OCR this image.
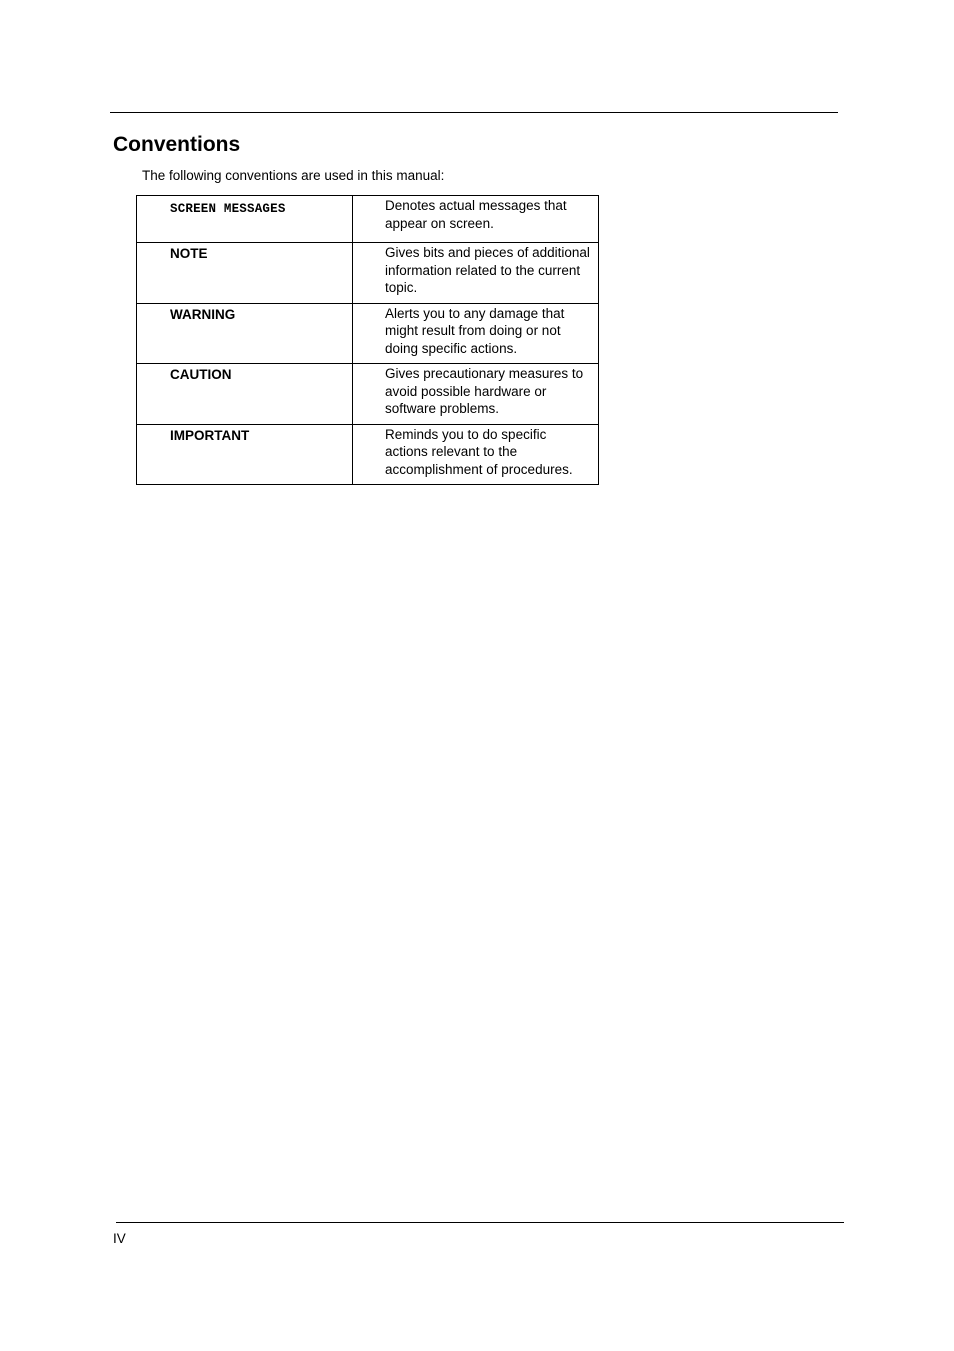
Conventions

The following conventions are used in this manual:

SCREEN MESSAGES	Denotes actual messages that appear on screen.
NOTE	Gives bits and pieces of additional information related to the current topic.
WARNING	Alerts you to any damage that might result from doing or not doing specific actions.
CAUTION	Gives precautionary measures to avoid possible hardware or software problems.
IMPORTANT	Reminds you to do specific actions relevant to the accomplishment of procedures.

IV
